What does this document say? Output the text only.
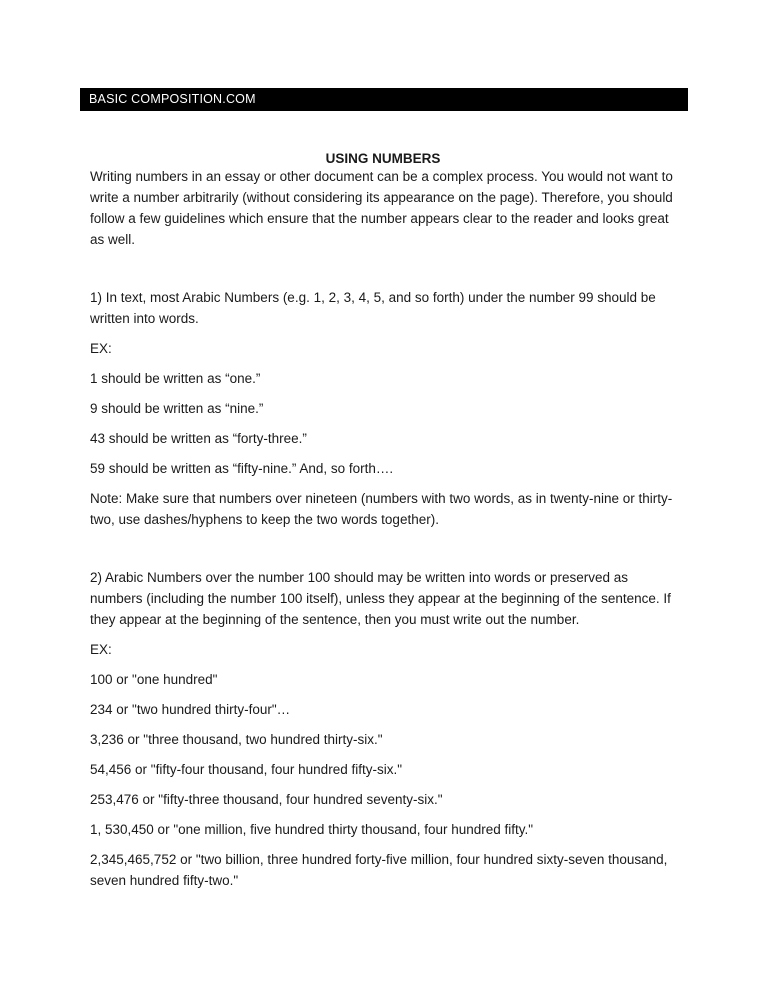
BASIC COMPOSITION.COM
USING NUMBERS

Writing numbers in an essay or other document can be a complex process. You would not want to write a number arbitrarily (without considering its appearance on the page). Therefore, you should follow a few guidelines which ensure that the number appears clear to the reader and looks great as well.

1) In text, most Arabic Numbers (e.g. 1, 2, 3, 4, 5, and so forth) under the number 99 should be written into words.

EX:

1 should be written as “one.”

9 should be written as “nine.”

43 should be written as “forty-three.”

59 should be written as “fifty-nine.” And, so forth….

Note: Make sure that numbers over nineteen (numbers with two words, as in twenty-nine or thirty-two, use dashes/hyphens to keep the two words together).

2) Arabic Numbers over the number 100 should may be written into words or preserved as numbers (including the number 100 itself), unless they appear at the beginning of the sentence. If they appear at the beginning of the sentence, then you must write out the number.

EX:

100 or "one hundred"

234 or "two hundred thirty-four"…

3,236 or "three thousand, two hundred thirty-six."

54,456 or "fifty-four thousand, four hundred fifty-six."

253,476 or "fifty-three thousand, four hundred seventy-six."

1, 530,450 or "one million, five hundred thirty thousand, four hundred fifty."

2,345,465,752 or "two billion, three hundred forty-five million, four hundred sixty-seven thousand, seven hundred fifty-two."
